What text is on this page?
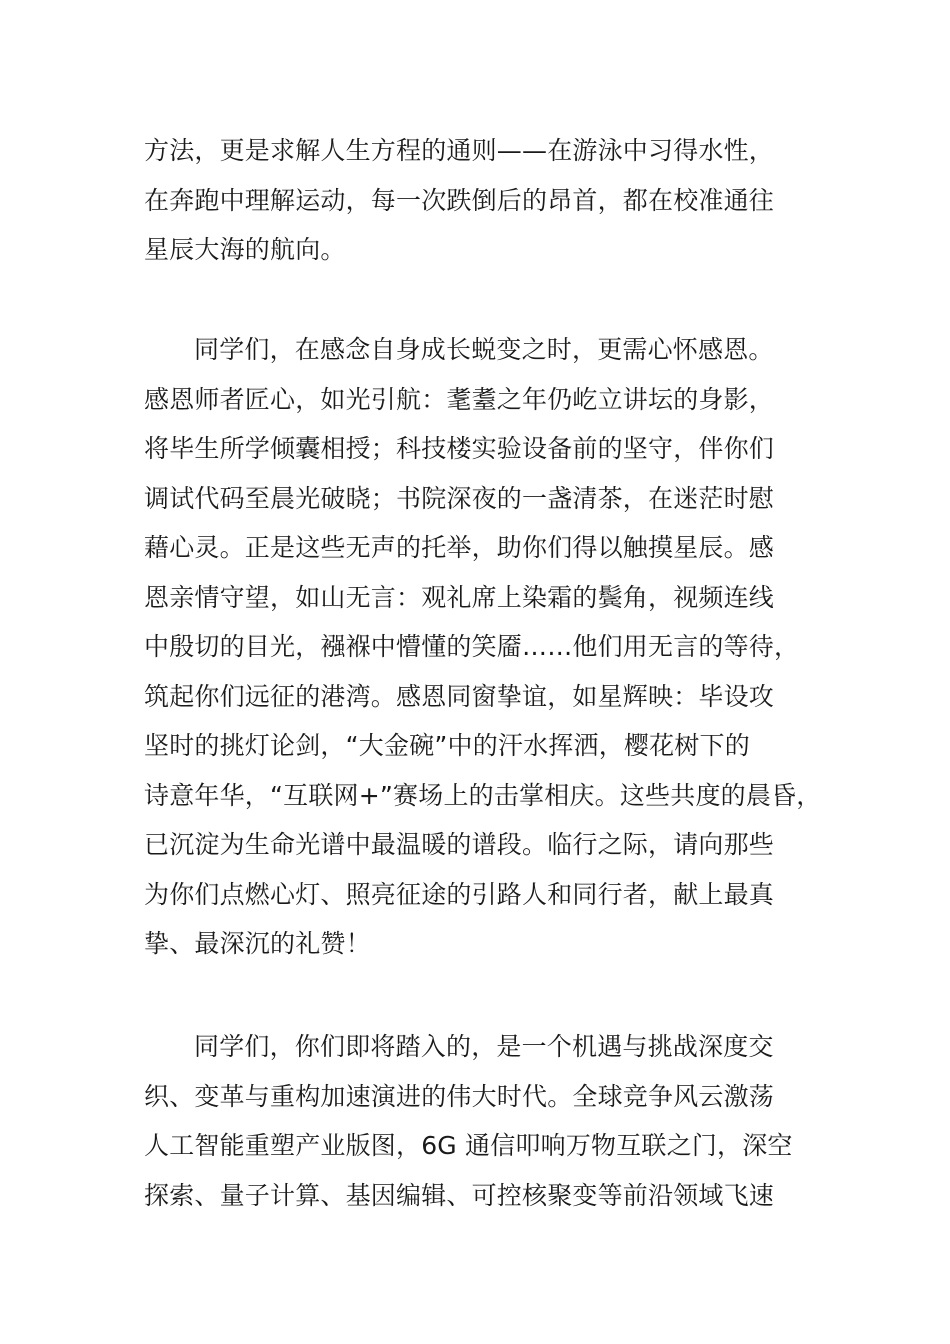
方法，更是求解人生方程的通则——在游泳中习得水性，
在奔跑中理解运动，每一次跌倒后的昂首，都在校准通往
星辰大海的航向。
同学们，在感念自身成长蜕变之时，更需心怀感恩。
感恩师者匠心，如光引航：耄耋之年仍屹立讲坛的身影，
将毕生所学倾囊相授；科技楼实验设备前的坚守，伴你们
调试代码至晨光破晓；书院深夜的一盏清茶，在迷茫时慰
藉心灵。正是这些无声的托举，助你们得以触摸星辰。感
恩亲情守望，如山无言：观礼席上染霜的鬓角，视频连线
中殷切的目光，襁褓中懵懂的笑靥……他们用无言的等待，
筑起你们远征的港湾。感恩同窗挚谊，如星辉映：毕设攻
坚时的挑灯论剑，“大金碗”中的汗水挥洒，樱花树下的
诗意年华，“互联网+”赛场上的击掌相庆。这些共度的晨昏，
已沉淀为生命光谱中最温暖的谱段。临行之际，请向那些
为你们点燃心灯、照亮征途的引路人和同行者，献上最真
挚、最深沉的礼赞！
同学们，你们即将踏入的，是一个机遇与挑战深度交
织、变革与重构加速演进的伟大时代。全球竞争风云激荡
人工智能重塑产业版图，6G 通信叩响万物互联之门，深空
探索、量子计算、基因编辑、可控核聚变等前沿领域飞速
